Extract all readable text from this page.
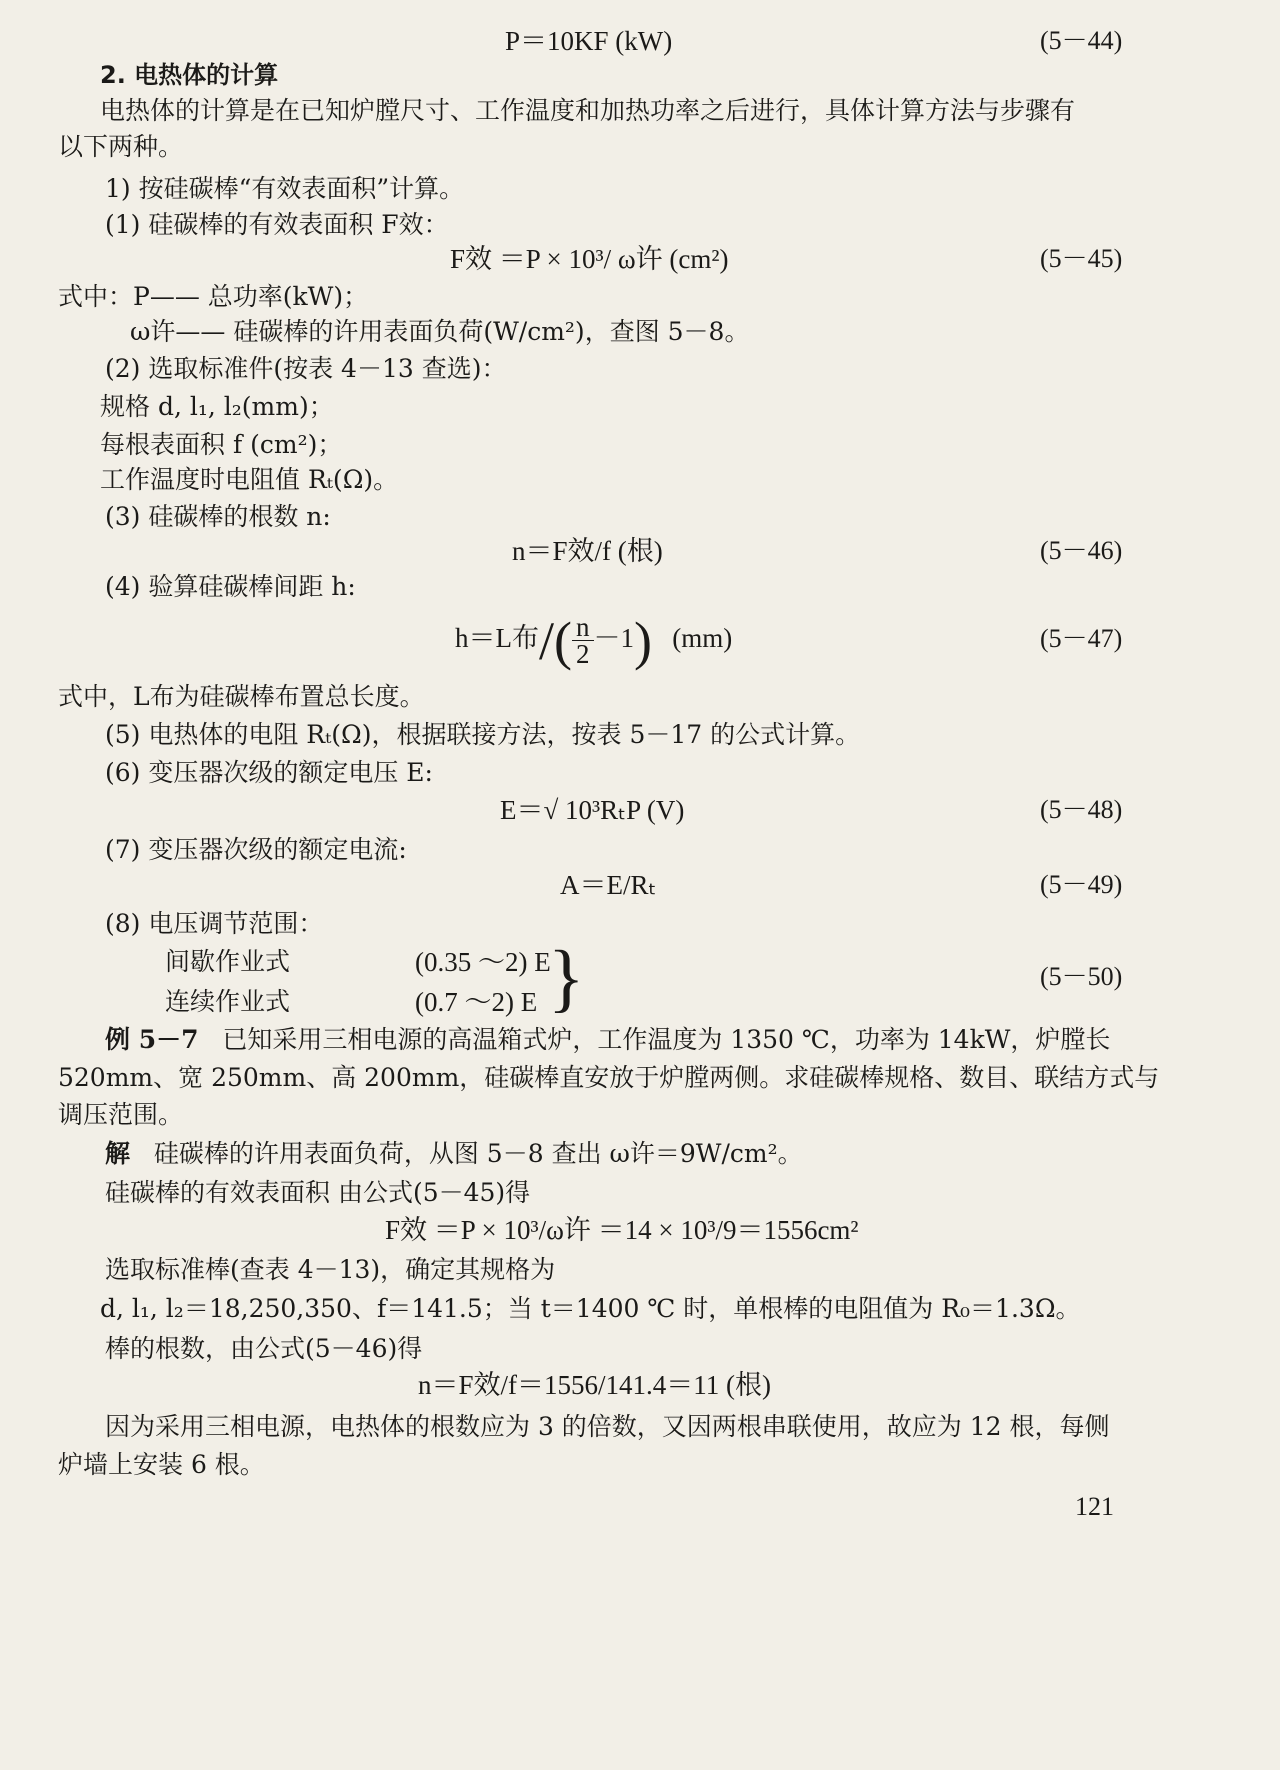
P＝10KF (kW)	(5－44)
2. 电热体的计算
电热体的计算是在已知炉膛尺寸、工作温度和加热功率之后进行，具体计算方法与步骤有
以下两种。
1) 按硅碳棒“有效表面积”计算。
(1) 硅碳棒的有效表面积 F效：
F效 ＝P × 10³/ ω许 (cm²)	(5－45)
式中：P—— 总功率(kW)；
ω许—— 硅碳棒的许用表面负荷(W/cm²)，查图 5－8。
(2) 选取标准件(按表 4－13 查选)：
规格 d, l₁, l₂(mm)；
每根表面积 f (cm²)；
工作温度时电阻值 Rₜ(Ω)。
(3) 硅碳棒的根数 n:
n＝F效/f (根)	(5－46)
(4) 验算硅碳棒间距 h:
h＝L布/( $\frac{n}{2} -1$) (mm)	(5－47)
式中，L布为硅碳棒布置总长度。
(5) 电热体的电阻 Rₜ(Ω)，根据联接方法，按表 5－17 的公式计算。
(6) 变压器次级的额定电压 E:
E＝√ 10³RₜP (V)	(5－48)
(7) 变压器次级的额定电流:
A＝E/Rₜ	(5－49)
(8) 电压调节范围：
间歇作业式	(0.35 ～2) E
连续作业式	(0.7 ～2) E }	(5－50)
例 5－7 已知采用三相电源的高温箱式炉，工作温度为 1350 ℃，功率为 14kW，炉膛长
520mm、宽 250mm、高 200mm，硅碳棒直安放于炉膛两侧。求硅碳棒规格、数目、联结方式与
调压范围。
解 硅碳棒的许用表面负荷，从图 5－8 查出 ω许＝9W/cm²。
硅碳棒的有效表面积 由公式(5－45)得
F效 ＝P × 10³/ω许 ＝14 × 10³/9＝1556cm²
选取标准棒(查表 4－13)，确定其规格为
d, l₁, l₂＝18,250,350、f＝141.5；当 t＝1400 ℃ 时，单根棒的电阻值为 R₀＝1.3Ω。
棒的根数，由公式(5－46)得
n＝F效/f＝1556/141.4＝11 (根)
因为采用三相电源，电热体的根数应为 3 的倍数，又因两根串联使用，故应为 12 根，每侧
炉墙上安装 6 根。
121
